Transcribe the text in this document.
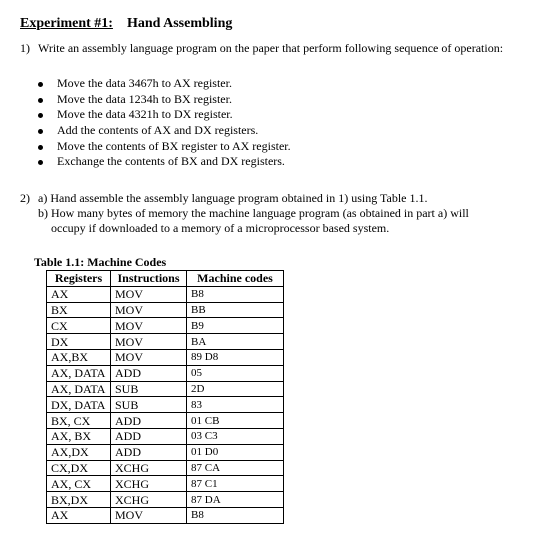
Experiment #1: Hand Assembling
1) Write an assembly language program on the paper that perform following sequence of operation:
Move the data 3467h to AX register.
Move the data 1234h to BX register.
Move the data 4321h to DX register.
Add the contents of AX and DX registers.
Move the contents of BX register to AX register.
Exchange the contents of BX and DX registers.
2) a) Hand assemble the assembly language program obtained in 1) using Table 1.1.
b) How many bytes of memory the machine language program (as obtained in part a) will
occupy if downloaded to a memory of a microprocessor based system.
Table 1.1: Machine Codes
Registers	Instructions	Machine codes
AX	MOV	B8
BX	MOV	BB
CX	MOV	B9
DX	MOV	BA
AX,BX	MOV	89 D8
AX, DATA	ADD	05
AX, DATA	SUB	2D
DX, DATA	SUB	83
BX, CX	ADD	01 CB
AX, BX	ADD	03 C3
AX,DX	ADD	01 D0
CX,DX	XCHG	87 CA
AX, CX	XCHG	87 C1
BX,DX	XCHG	87 DA
AX	MOV	B8
